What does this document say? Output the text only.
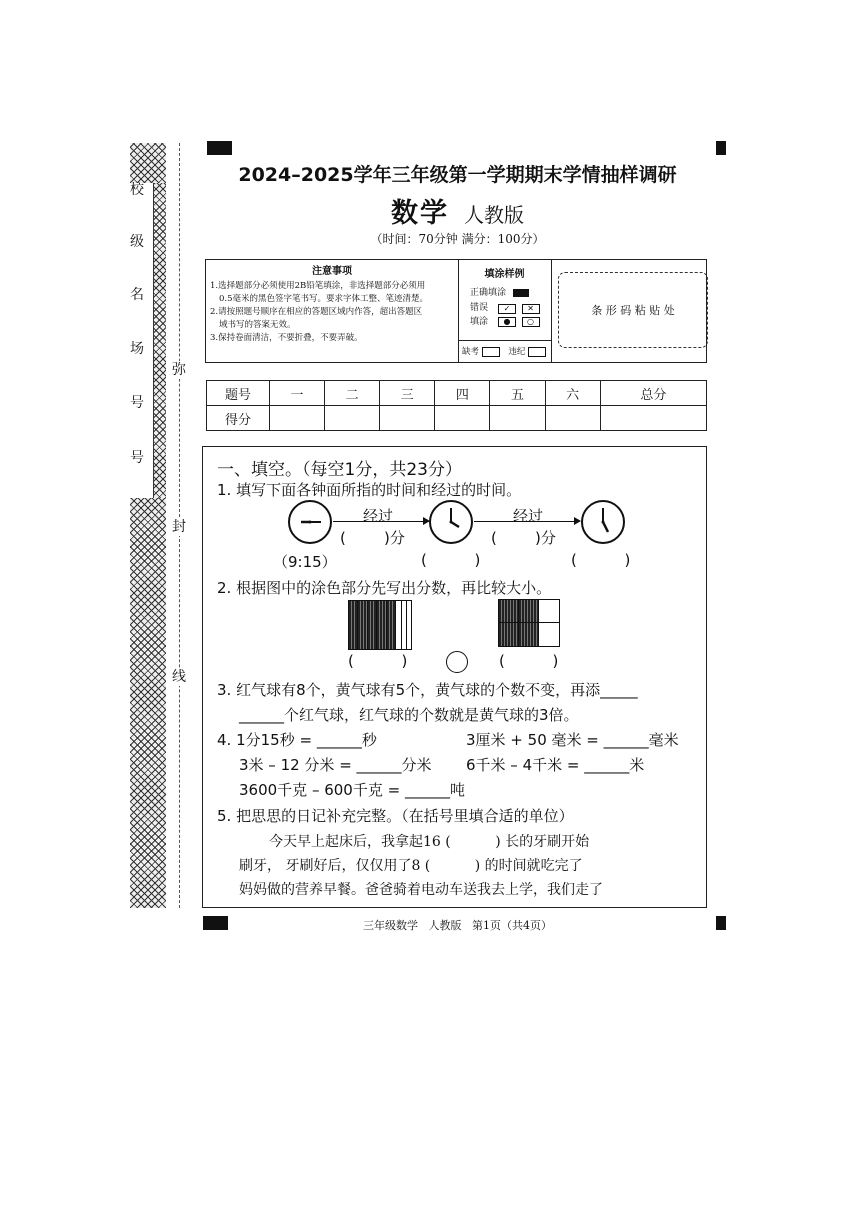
校
级
名
场
号
号
弥
封
线
2024–2025学年三年级第一学期期末学情抽样调研
数学 人教版
（时间：70分钟 满分：100分）
注意事项
1.选择题部分必须使用2B铅笔填涂，非选择题部分必须用
0.5毫米的黑色签字笔书写。要求字体工整、笔迹清楚。
2.请按照题号顺序在相应的答题区域内作答，超出答题区
域书写的答案无效。
3.保持卷面清洁，不要折叠，不要弄破。
填涂样例
正确填涂
错误
填涂
✓ ✕
● ○
缺考	违纪
条 形 码 粘 贴 处
题号	一	二	三	四	五	六	总分
得分							
一、填空。（每空1分，共23分）
1. 填写下面各钟面所指的时间和经过的时间。
经过	经过
(        )分	(        )分
（9:15）	(          )	(          )
2. 根据图中的涂色部分先写出分数，再比较大小。
(          )	(          )
3. 红气球有8个，黄气球有5个，黄气球的个数不变，再添_____
______个红气球，红气球的个数就是黄气球的3倍。
4. 1分15秒 = ______秒	3厘米 + 50 毫米 = ______毫米
3米 – 12 分米 = ______分米 6千米 – 4千米 = ______米
3600千克 – 600千克 = ______吨
5. 把思思的日记补充完整。（在括号里填合适的单位）
今天早上起床后，我拿起16 (          ) 长的牙刷开始
刷牙， 牙刷好后，仅仅用了8 (          ) 的时间就吃完了
妈妈做的营养早餐。爸爸骑着电动车送我去上学，我们走了
三年级数学   人教版   第1页（共4页）
